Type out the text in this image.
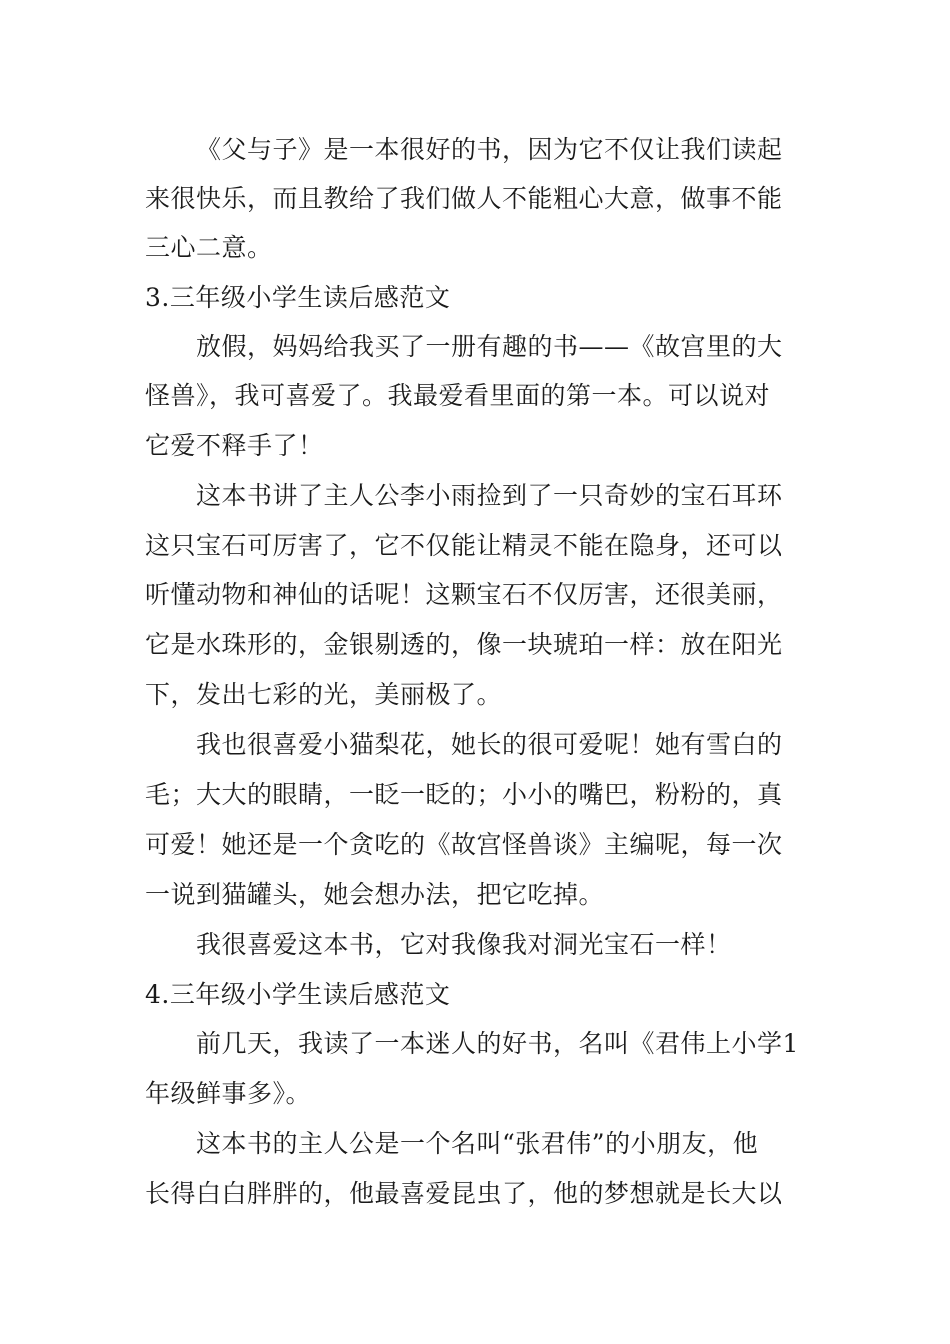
《父与子》是一本很好的书，因为它不仅让我们读起
来很快乐，而且教给了我们做人不能粗心大意，做事不能
三心二意。
3.三年级小学生读后感范文
放假，妈妈给我买了一册有趣的书——《故宫里的大
怪兽》，我可喜爱了。我最爱看里面的第一本。可以说对
它爱不释手了！
这本书讲了主人公李小雨捡到了一只奇妙的宝石耳环
这只宝石可厉害了，它不仅能让精灵不能在隐身，还可以
听懂动物和神仙的话呢！这颗宝石不仅厉害，还很美丽，
它是水珠形的，金银剔透的，像一块琥珀一样：放在阳光
下，发出七彩的光，美丽极了。
我也很喜爱小猫梨花，她长的很可爱呢！她有雪白的
毛；大大的眼睛，一眨一眨的；小小的嘴巴，粉粉的，真
可爱！她还是一个贪吃的《故宫怪兽谈》主编呢，每一次
一说到猫罐头，她会想办法，把它吃掉。
我很喜爱这本书，它对我像我对洞光宝石一样！
4.三年级小学生读后感范文
前几天，我读了一本迷人的好书，名叫《君伟上小学1
年级鲜事多》。
这本书的主人公是一个名叫“张君伟”的小朋友，他
长得白白胖胖的，他最喜爱昆虫了，他的梦想就是长大以
